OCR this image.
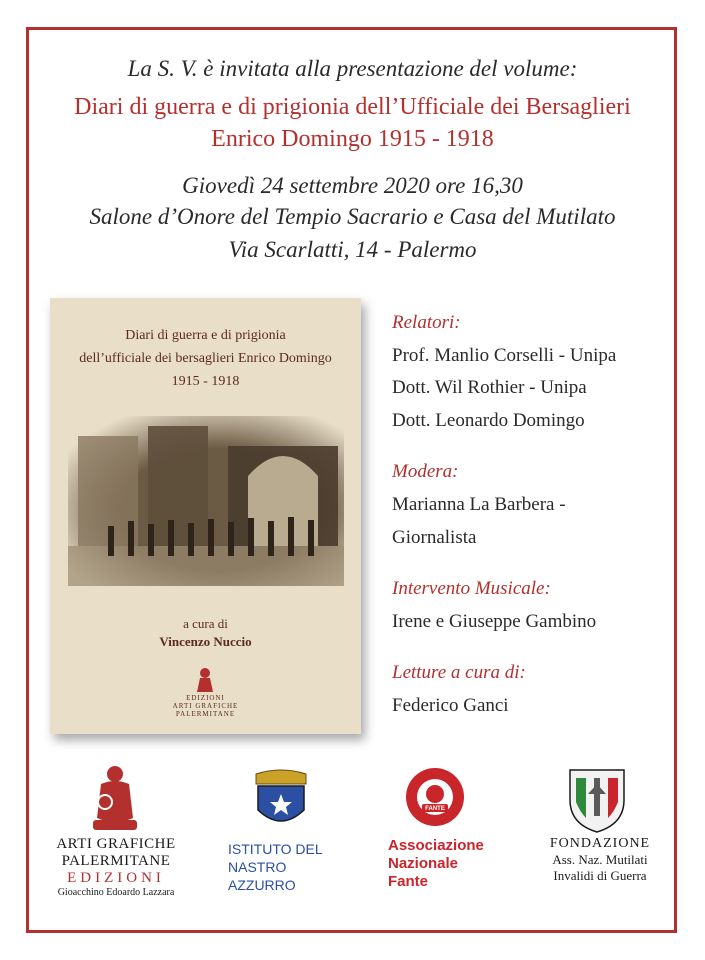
La S. V. è invitata alla presentazione del volume:
Diari di guerra e di prigionia dell’Ufficiale dei Bersaglieri
Enrico Domingo 1915 - 1918
Giovedì 24 settembre 2020 ore 16,30
Salone d’Onore del Tempio Sacrario e Casa del Mutilato
Via Scarlatti, 14 - Palermo
Diari di guerra e di prigionia
dell’ufficiale dei bersaglieri Enrico Domingo
1915 - 1918
a cura di
Vincenzo Nuccio
EDIZIONI
ARTI GRAFICHE
PALERMITANE
Relatori:
Prof. Manlio Corselli - Unipa
Dott. Wil Rothier - Unipa
Dott. Leonardo Domingo
Modera:
Marianna La Barbera -
Giornalista
Intervento Musicale:
Irene e Giuseppe Gambino
Letture a cura di:
Federico Ganci
ARTI GRAFICHE
PALERMITANE
EDIZIONI
Gioacchino Edoardo Lazzara
ISTITUTO DEL
NASTRO
AZZURRO
FANTE
Associazione
Nazionale
Fante
FONDAZIONE
Ass. Naz. Mutilati
Invalidi di Guerra
